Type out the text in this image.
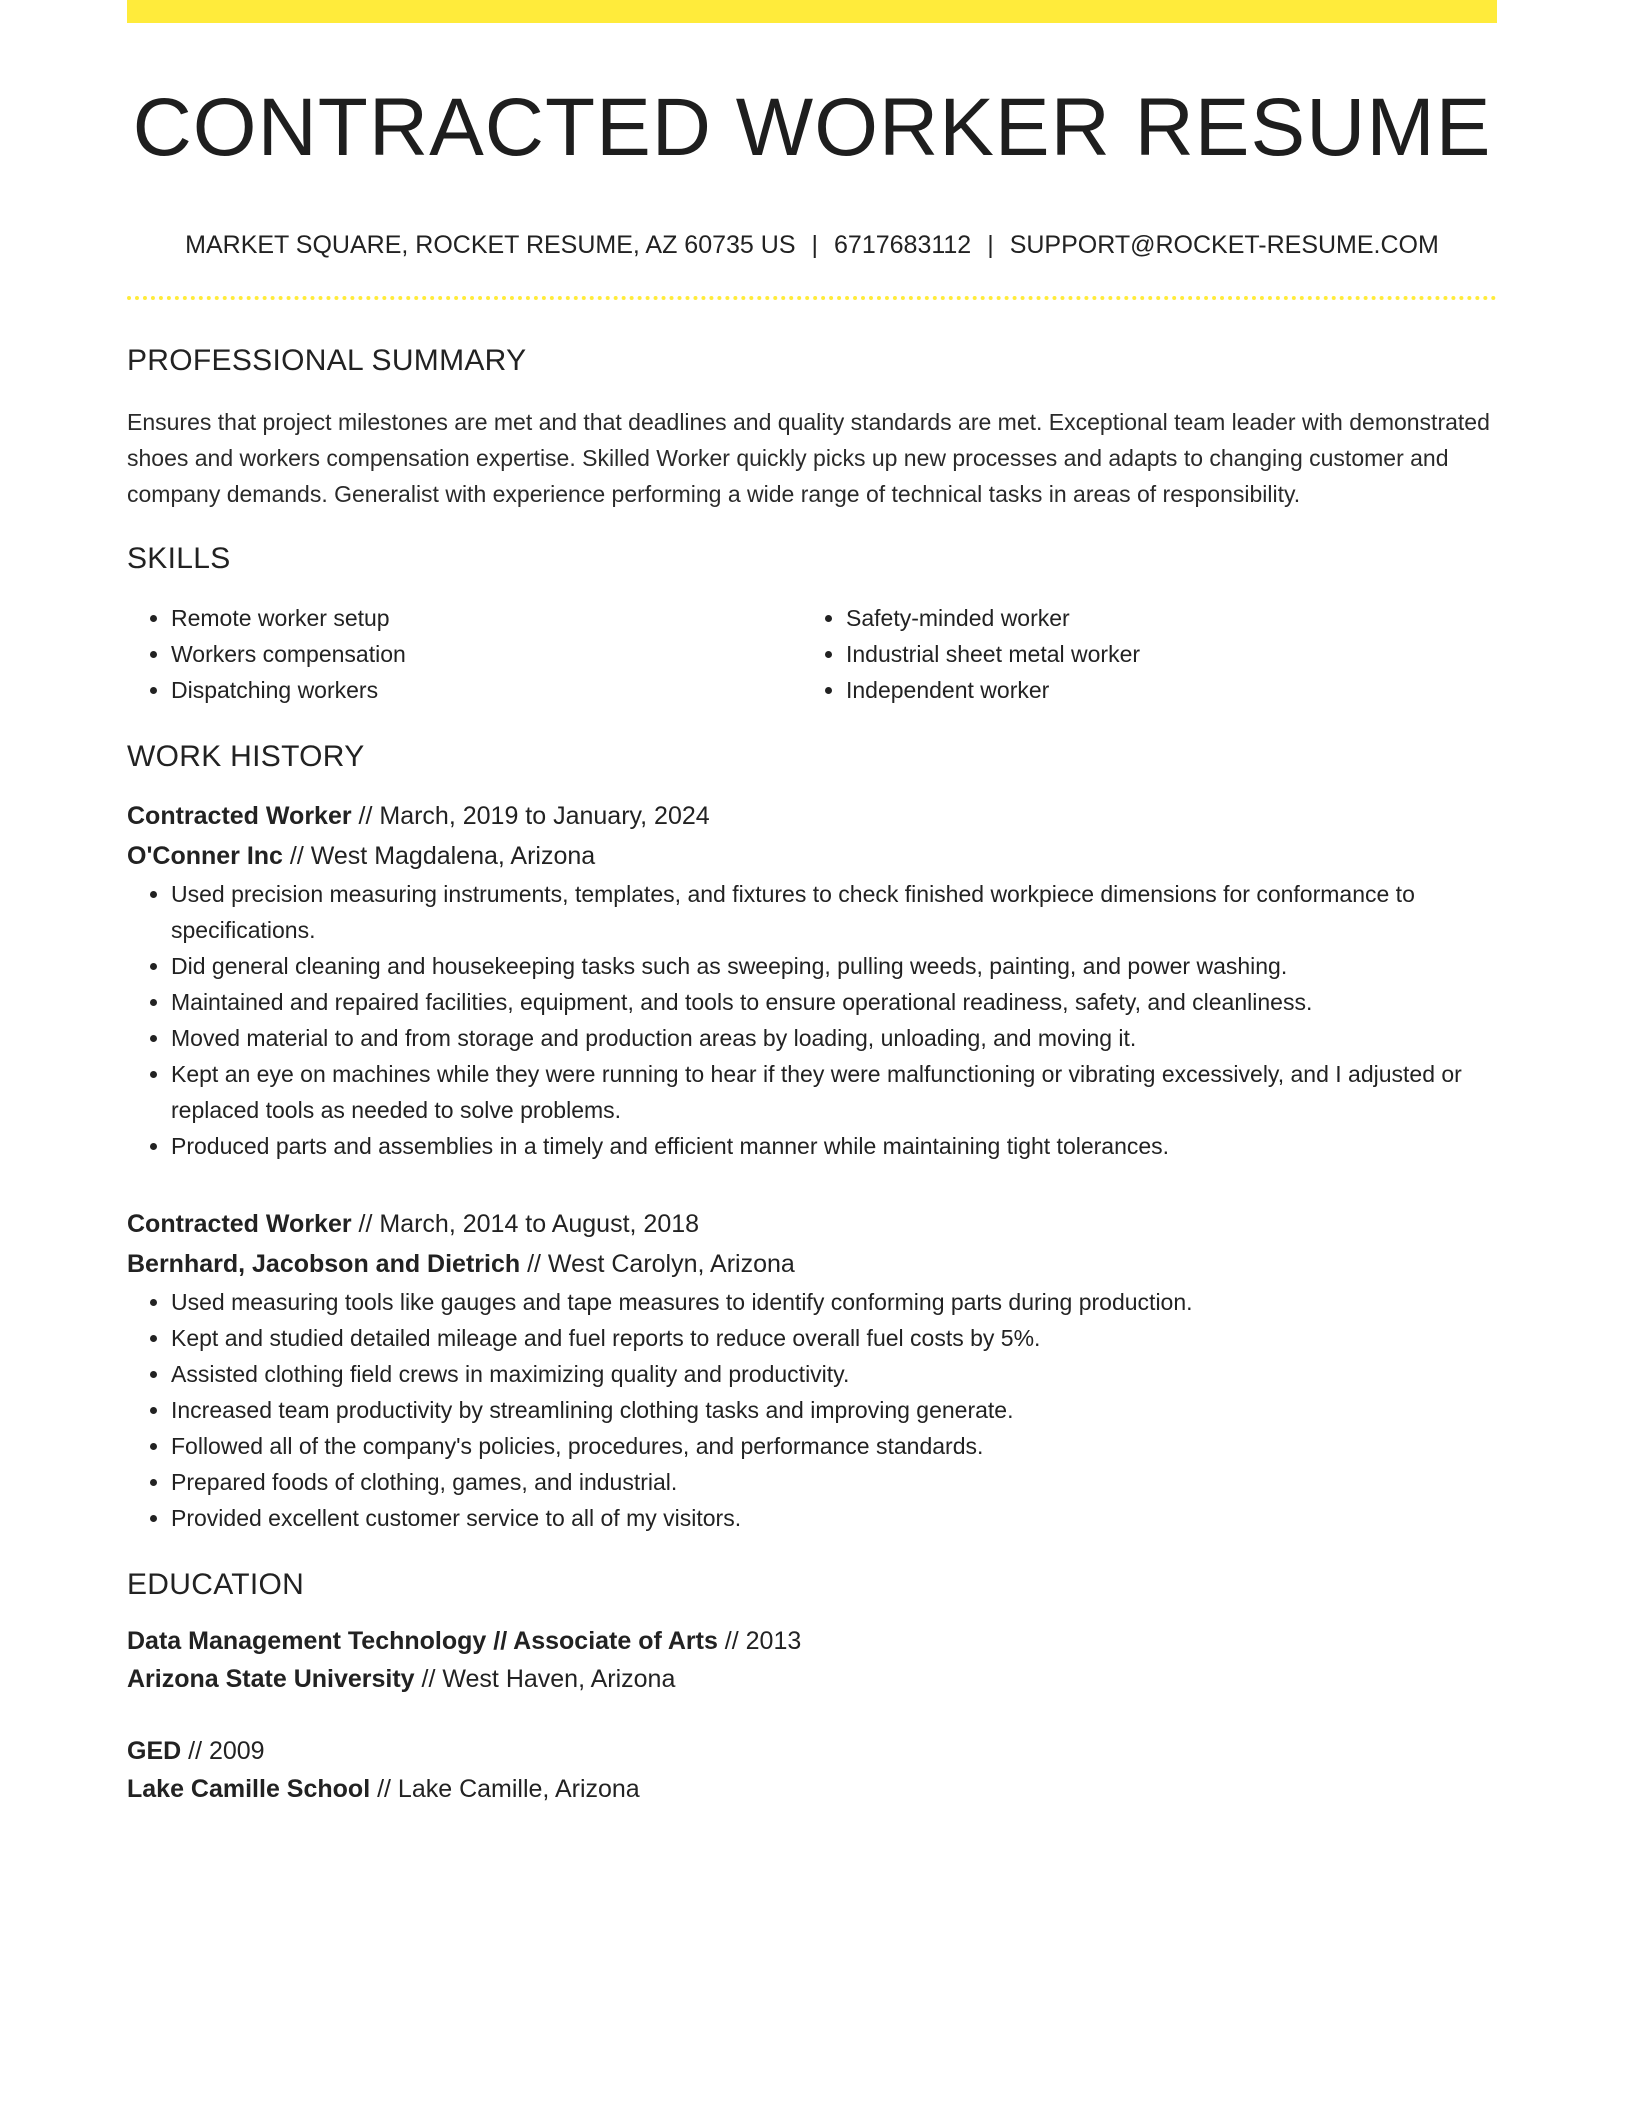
CONTRACTED WORKER RESUME
MARKET SQUARE, ROCKET RESUME, AZ 60735 US | 6717683112 | SUPPORT@ROCKET-RESUME.COM
PROFESSIONAL SUMMARY
Ensures that project milestones are met and that deadlines and quality standards are met. Exceptional team leader with demonstrated shoes and workers compensation expertise. Skilled Worker quickly picks up new processes and adapts to changing customer and company demands. Generalist with experience performing a wide range of technical tasks in areas of responsibility.
SKILLS
• Remote worker setup
• Workers compensation
• Dispatching workers
• Safety-minded worker
• Industrial sheet metal worker
• Independent worker
WORK HISTORY
Contracted Worker // March, 2019 to January, 2024
O'Conner Inc // West Magdalena, Arizona
• Used precision measuring instruments, templates, and fixtures to check finished workpiece dimensions for conformance to specifications.
• Did general cleaning and housekeeping tasks such as sweeping, pulling weeds, painting, and power washing.
• Maintained and repaired facilities, equipment, and tools to ensure operational readiness, safety, and cleanliness.
• Moved material to and from storage and production areas by loading, unloading, and moving it.
• Kept an eye on machines while they were running to hear if they were malfunctioning or vibrating excessively, and I adjusted or replaced tools as needed to solve problems.
• Produced parts and assemblies in a timely and efficient manner while maintaining tight tolerances.
Contracted Worker // March, 2014 to August, 2018
Bernhard, Jacobson and Dietrich // West Carolyn, Arizona
• Used measuring tools like gauges and tape measures to identify conforming parts during production.
• Kept and studied detailed mileage and fuel reports to reduce overall fuel costs by 5%.
• Assisted clothing field crews in maximizing quality and productivity.
• Increased team productivity by streamlining clothing tasks and improving generate.
• Followed all of the company's policies, procedures, and performance standards.
• Prepared foods of clothing, games, and industrial.
• Provided excellent customer service to all of my visitors.
EDUCATION
Data Management Technology // Associate of Arts // 2013
Arizona State University // West Haven, Arizona
GED // 2009
Lake Camille School // Lake Camille, Arizona
